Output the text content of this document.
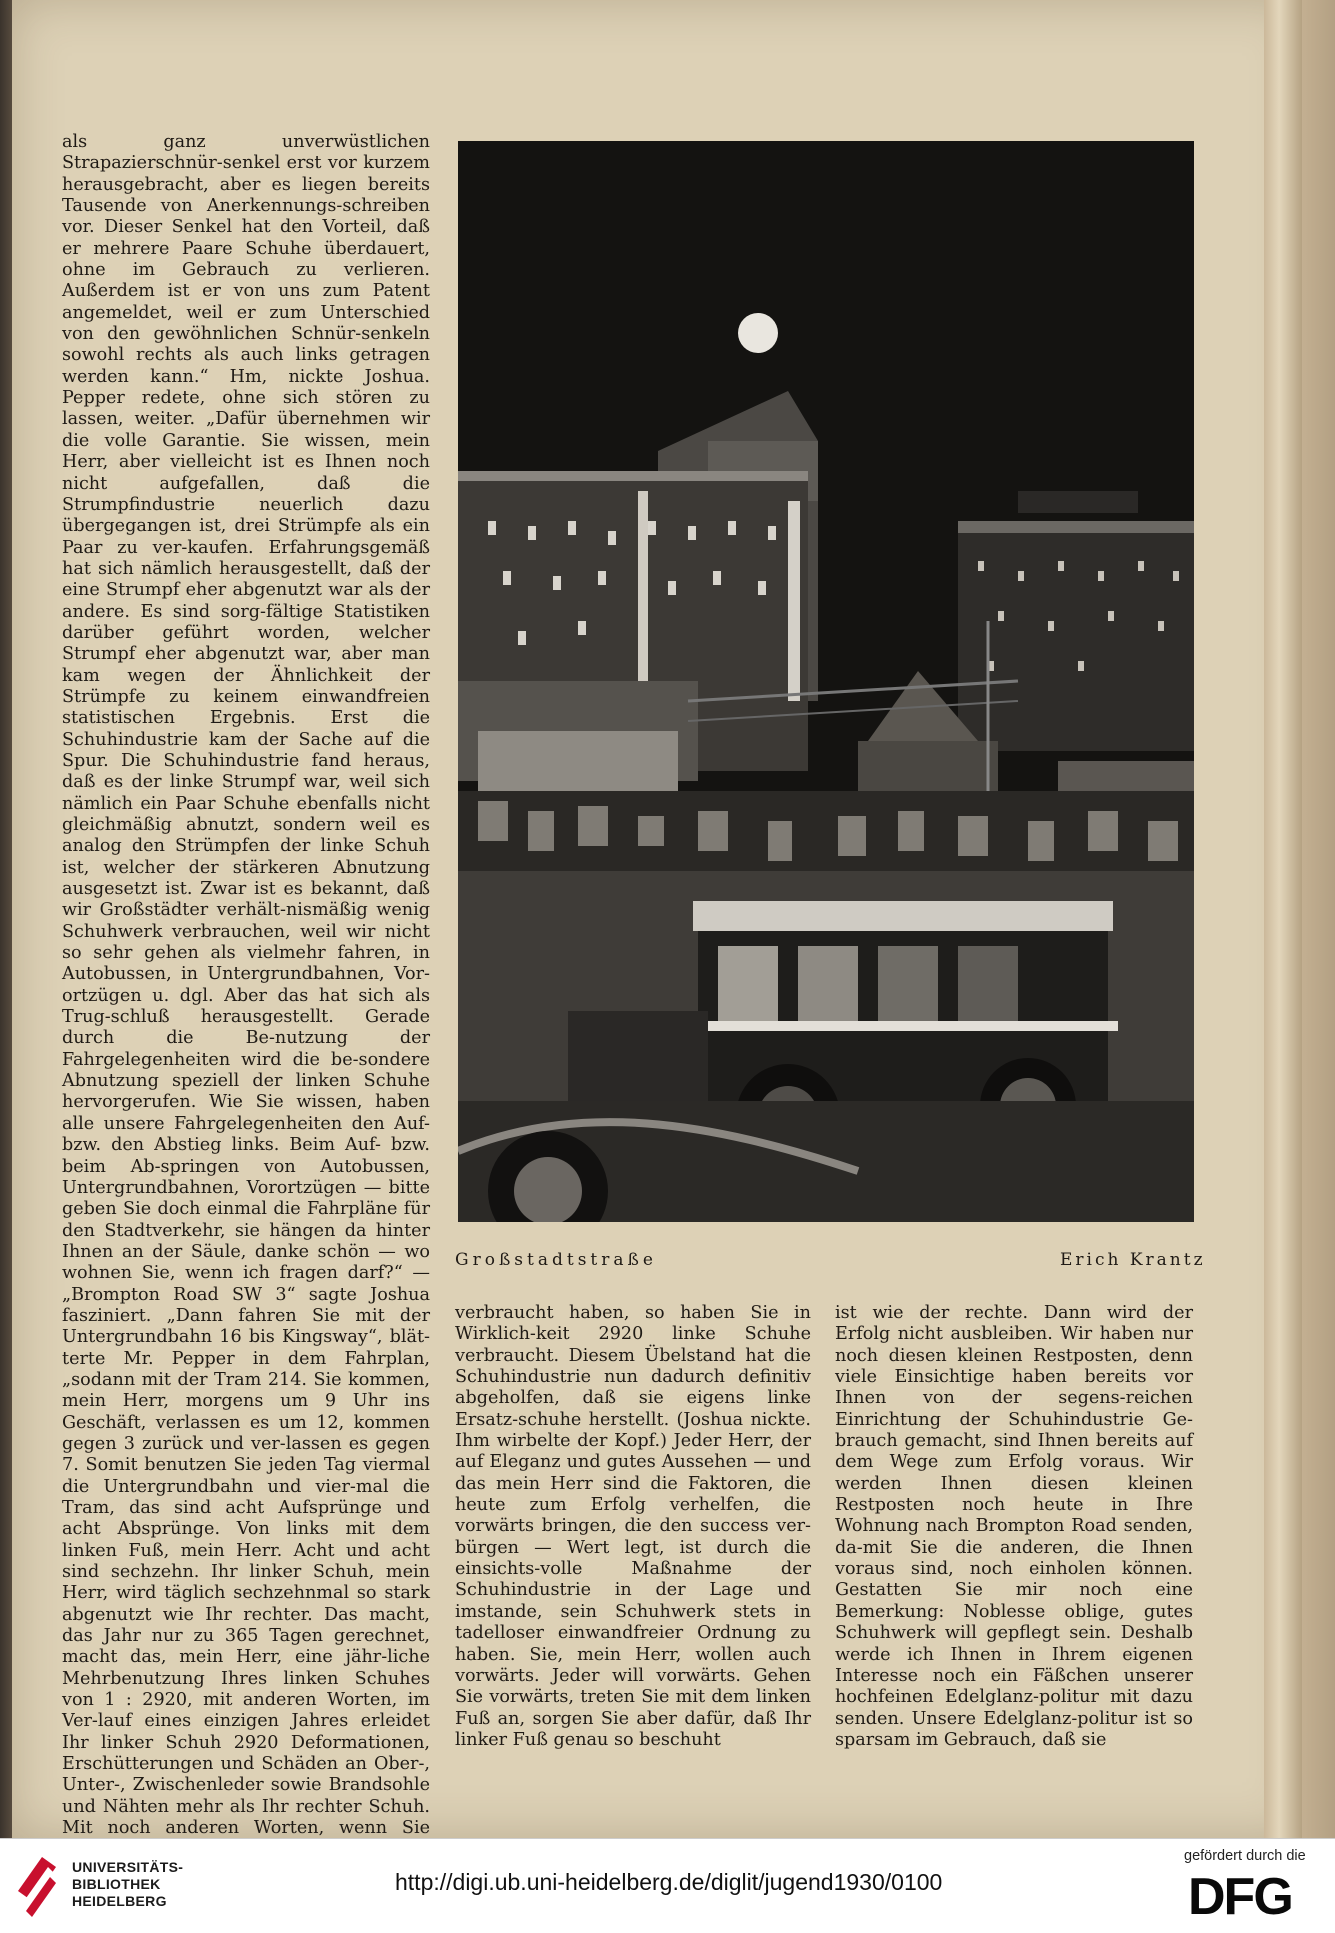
als ganz unverwüstlichen Strapazierschnür-senkel erst vor kurzem herausgebracht, aber es liegen bereits Tausende von Anerkennungs-schreiben vor. Dieser Senkel hat den Vorteil, daß er mehrere Paare Schuhe überdauert, ohne im Gebrauch zu verlieren. Außerdem ist er von uns zum Patent angemeldet, weil er zum Unterschied von den gewöhnlichen Schnür-senkeln sowohl rechts als auch links getragen werden kann.“ Hm, nickte Joshua. Pepper redete, ohne sich stören zu lassen, weiter. „Dafür übernehmen wir die volle Garantie. Sie wissen, mein Herr, aber vielleicht ist es Ihnen noch nicht aufgefallen, daß die Strumpfindustrie neuerlich dazu übergegangen ist, drei Strümpfe als ein Paar zu ver-kaufen. Erfahrungsgemäß hat sich nämlich herausgestellt, daß der eine Strumpf eher abgenutzt war als der andere. Es sind sorg-fältige Statistiken darüber geführt worden, welcher Strumpf eher abgenutzt war, aber man kam wegen der Ähnlichkeit der Strümpfe zu keinem einwandfreien statistischen Ergebnis. Erst die Schuhindustrie kam der Sache auf die Spur. Die Schuhindustrie fand heraus, daß es der linke Strumpf war, weil sich nämlich ein Paar Schuhe ebenfalls nicht gleichmäßig abnutzt, sondern weil es analog den Strümpfen der linke Schuh ist, welcher der stärkeren Abnutzung ausgesetzt ist. Zwar ist es bekannt, daß wir Großstädter verhält-nismäßig wenig Schuhwerk verbrauchen, weil wir nicht so sehr gehen als vielmehr fahren, in Autobussen, in Untergrundbahnen, Vor-ortzügen u. dgl. Aber das hat sich als Trug-schluß herausgestellt. Gerade durch die Be-nutzung der Fahrgelegenheiten wird die be-sondere Abnutzung speziell der linken Schuhe hervorgerufen. Wie Sie wissen, haben alle unsere Fahrgelegenheiten den Auf- bzw. den Abstieg links. Beim Auf- bzw. beim Ab-springen von Autobussen, Untergrundbahnen, Vorortzügen — bitte geben Sie doch einmal die Fahrpläne für den Stadtverkehr, sie hängen da hinter Ihnen an der Säule, danke schön — wo wohnen Sie, wenn ich fragen darf?“ — „Brompton Road SW 3“ sagte Joshua fasziniert. „Dann fahren Sie mit der Untergrundbahn 16 bis Kingsway“, blät-terte Mr. Pepper in dem Fahrplan, „sodann mit der Tram 214. Sie kommen, mein Herr, morgens um 9 Uhr ins Geschäft, verlassen es um 12, kommen gegen 3 zurück und ver-lassen es gegen 7. Somit benutzen Sie jeden Tag viermal die Untergrundbahn und vier-mal die Tram, das sind acht Aufsprünge und acht Absprünge. Von links mit dem linken Fuß, mein Herr. Acht und acht sind sechzehn. Ihr linker Schuh, mein Herr, wird täglich sechzehnmal so stark abgenutzt wie Ihr rechter. Das macht, das Jahr nur zu 365 Tagen gerechnet, macht das, mein Herr, eine jähr-liche Mehrbenutzung Ihres linken Schuhes von 1 : 2920, mit anderen Worten, im Ver-lauf eines einzigen Jahres erleidet Ihr linker Schuh 2920 Deformationen, Erschütterungen und Schäden an Ober-, Unter-, Zwischenleder sowie Brandsohle und Nähten mehr als Ihr rechter Schuh. Mit noch anderen Worten, wenn Sie

Großstadtstraße	Erich Krantz

verbraucht haben, so haben Sie in Wirklich-keit 2920 linke Schuhe verbraucht. Diesem Übelstand hat die Schuhindustrie nun dadurch definitiv abgeholfen, daß sie eigens linke Ersatz-schuhe herstellt. (Joshua nickte. Ihm wirbelte der Kopf.) Jeder Herr, der auf Eleganz und gutes Aussehen — und das mein Herr sind die Faktoren, die heute zum Erfolg verhelfen, die vorwärts bringen, die den success ver-bürgen — Wert legt, ist durch die einsichts-volle Maßnahme der Schuhindustrie in der Lage und imstande, sein Schuhwerk stets in tadelloser einwandfreier Ordnung zu haben. Sie, mein Herr, wollen auch vorwärts. Jeder will vorwärts. Gehen Sie vorwärts, treten Sie mit dem linken Fuß an, sorgen Sie aber dafür, daß Ihr linker Fuß genau so beschuht

ist wie der rechte. Dann wird der Erfolg nicht ausbleiben. Wir haben nur noch diesen kleinen Restposten, denn viele Einsichtige haben bereits vor Ihnen von der segens-reichen Einrichtung der Schuhindustrie Ge-brauch gemacht, sind Ihnen bereits auf dem Wege zum Erfolg voraus. Wir werden Ihnen diesen kleinen Restposten noch heute in Ihre Wohnung nach Brompton Road senden, da-mit Sie die anderen, die Ihnen voraus sind, noch einholen können. Gestatten Sie mir noch eine Bemerkung: Noblesse oblige, gutes Schuhwerk will gepflegt sein. Deshalb werde ich Ihnen in Ihrem eigenen Interesse noch ein Fäßchen unserer hochfeinen Edelglanz-politur mit dazu senden. Unsere Edelglanz-politur ist so sparsam im Gebrauch, daß sie

UNIVERSITÄTS-
BIBLIOTHEK
HEIDELBERG
http://digi.ub.uni-heidelberg.de/diglit/jugend1930/0100
gefördert durch die
DFG
